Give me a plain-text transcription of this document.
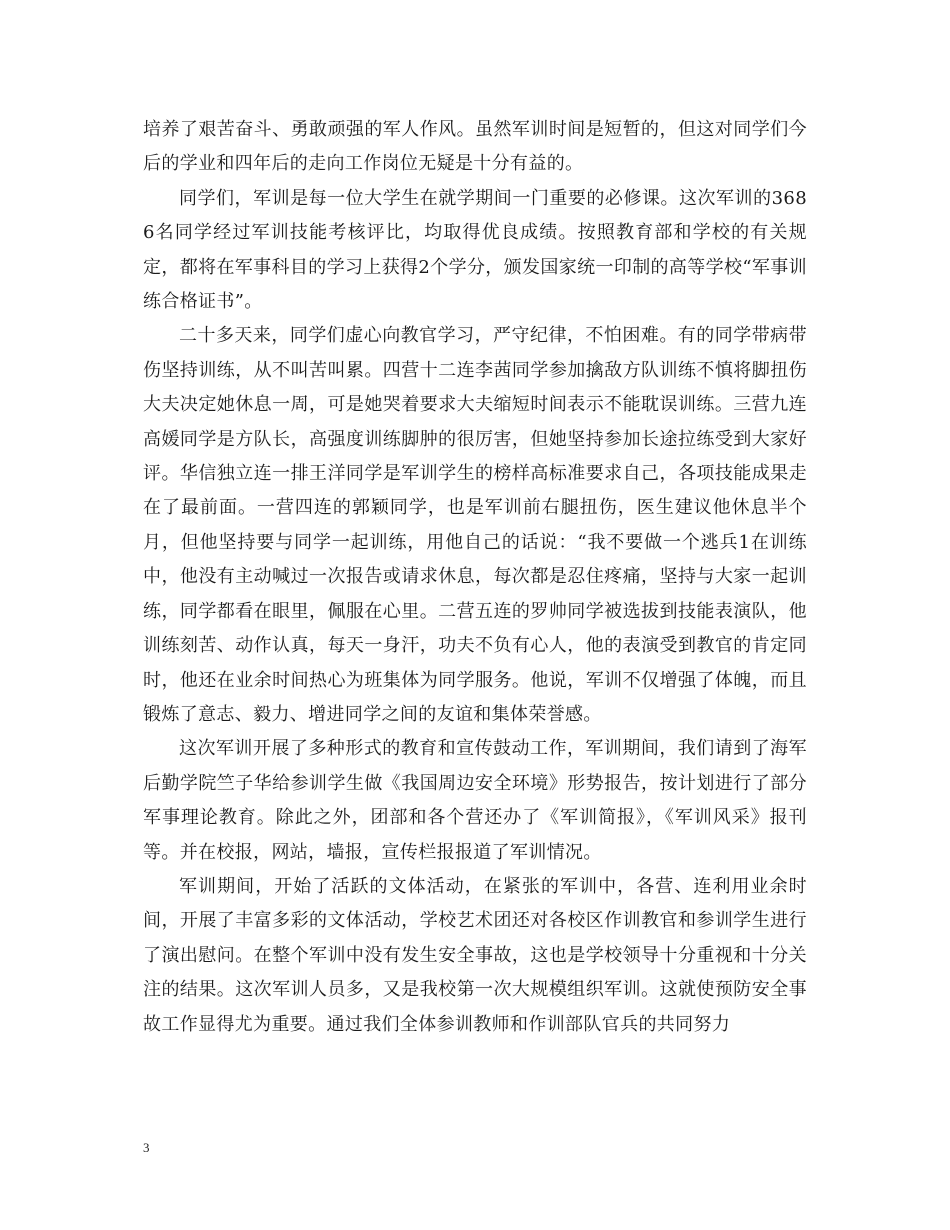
培养了艰苦奋斗、勇敢顽强的军人作风。虽然军训时间是短暂的，但这对同学们今后的学业和四年后的走向工作岗位无疑是十分有益的。

同学们，军训是每一位大学生在就学期间一门重要的必修课。这次军训的3686名同学经过军训技能考核评比，均取得优良成绩。按照教育部和学校的有关规定，都将在军事科目的学习上获得2个学分，颁发国家统一印制的高等学校“军事训练合格证书”。

二十多天来，同学们虚心向教官学习，严守纪律，不怕困难。有的同学带病带伤坚持训练，从不叫苦叫累。四营十二连李茜同学参加擒敌方队训练不慎将脚扭伤大夫决定她休息一周，可是她哭着要求大夫缩短时间表示不能耽误训练。三营九连高媛同学是方队长，高强度训练脚肿的很厉害，但她坚持参加长途拉练受到大家好评。华信独立连一排王洋同学是军训学生的榜样高标准要求自己，各项技能成果走在了最前面。一营四连的郭颖同学，也是军训前右腿扭伤，医生建议他休息半个月，但他坚持要与同学一起训练，用他自己的话说：“我不要做一个逃兵1在训练中，他没有主动喊过一次报告或请求休息，每次都是忍住疼痛，坚持与大家一起训练，同学都看在眼里，佩服在心里。二营五连的罗帅同学被选拔到技能表演队，他训练刻苦、动作认真，每天一身汗，功夫不负有心人，他的表演受到教官的肯定同时，他还在业余时间热心为班集体为同学服务。他说，军训不仅增强了体魄，而且锻炼了意志、毅力、增进同学之间的友谊和集体荣誉感。

这次军训开展了多种形式的教育和宣传鼓动工作，军训期间，我们请到了海军后勤学院竺子华给参训学生做《我国周边安全环境》形势报告，按计划进行了部分军事理论教育。除此之外，团部和各个营还办了《军训简报》，《军训风采》报刊等。并在校报，网站，墙报，宣传栏报报道了军训情况。

军训期间，开始了活跃的文体活动，在紧张的军训中，各营、连利用业余时间，开展了丰富多彩的文体活动，学校艺术团还对各校区作训教官和参训学生进行了演出慰问。在整个军训中没有发生安全事故，这也是学校领导十分重视和十分关注的结果。这次军训人员多，又是我校第一次大规模组织军训。这就使预防安全事故工作显得尤为重要。通过我们全体参训教师和作训部队官兵的共同努力

3
